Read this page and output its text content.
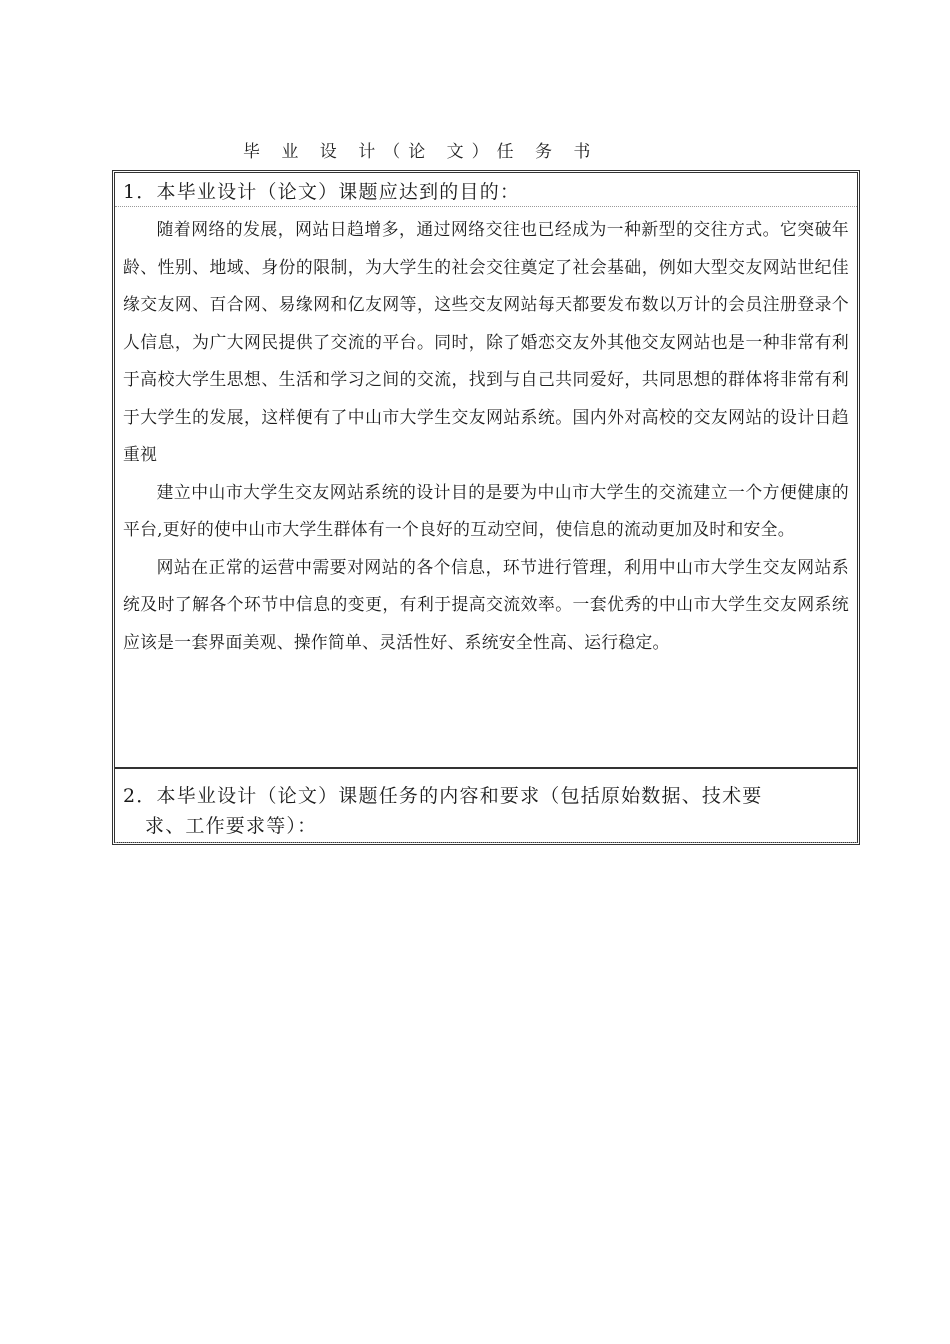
毕 业 设 计（论 文）任 务 书
1．本毕业设计（论文）课题应达到的目的：

随着网络的发展，网站日趋增多，通过网络交往也已经成为一种新型的交往方式。它突破年龄、性别、地域、身份的限制，为大学生的社会交往奠定了社会基础，例如大型交友网站世纪佳缘交友网、百合网、易缘网和亿友网等，这些交友网站每天都要发布数以万计的会员注册登录个人信息，为广大网民提供了交流的平台。同时，除了婚恋交友外其他交友网站也是一种非常有利于高校大学生思想、生活和学习之间的交流，找到与自己共同爱好，共同思想的群体将非常有利于大学生的发展，这样便有了中山市大学生交友网站系统。国内外对高校的交友网站的设计日趋重视

建立中山市大学生交友网站系统的设计目的是要为中山市大学生的交流建立一个方便健康的平台,更好的使中山市大学生群体有一个良好的互动空间，使信息的流动更加及时和安全。

网站在正常的运营中需要对网站的各个信息，环节进行管理，利用中山市大学生交友网站系统及时了解各个环节中信息的变更，有利于提高交流效率。一套优秀的中山市大学生交友网系统应该是一套界面美观、操作简单、灵活性好、系统安全性高、运行稳定。

2．本毕业设计（论文）课题任务的内容和要求（包括原始数据、技术要
求、工作要求等）：
